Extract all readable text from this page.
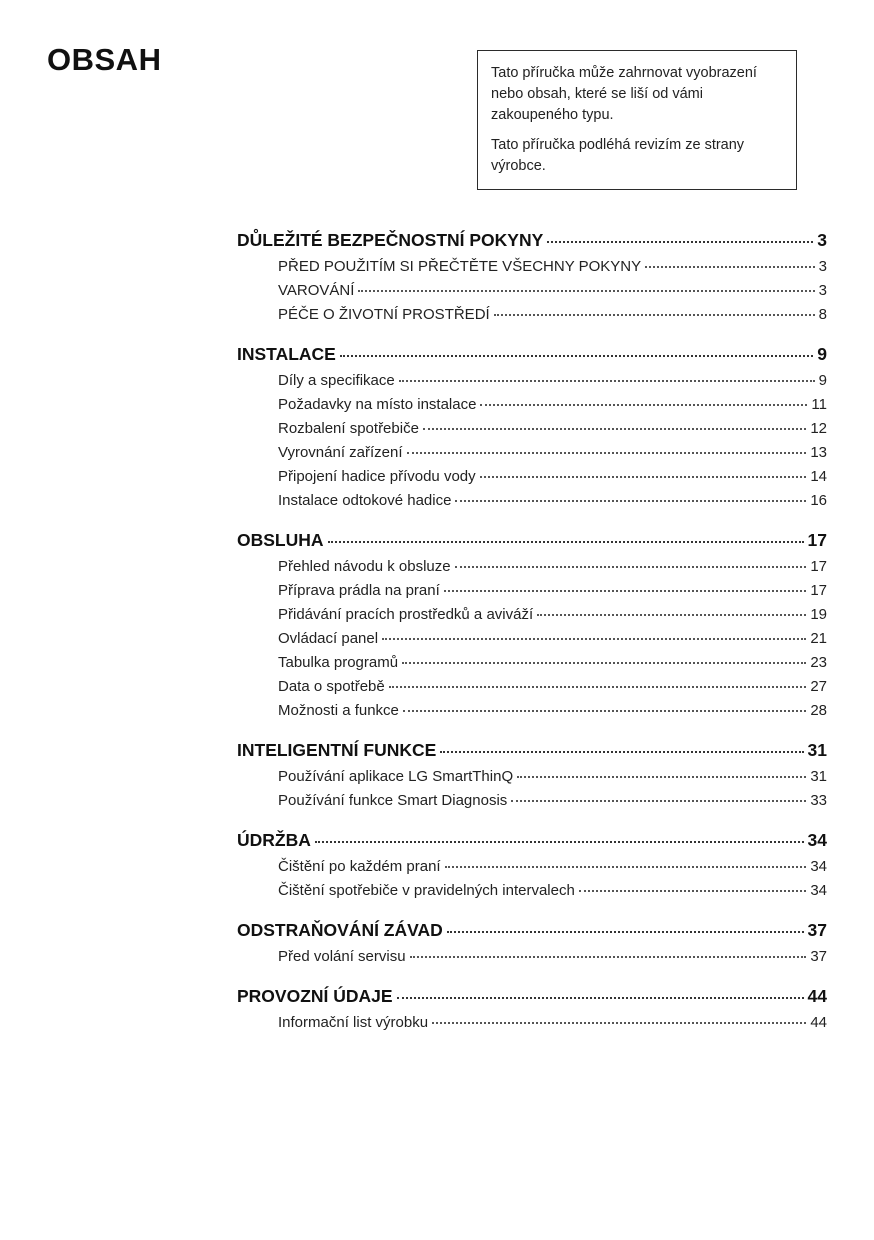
OBSAH	Tato příručka může zahrnovat vyobrazení nebo obsah, které se liší od vámi zakoupeného typu.

Tato příručka podléhá revizím ze strany výrobce.

DŮLEŽITÉ BEZPEČNOSTNÍ POKYNY	3
PŘED POUŽITÍM SI PŘEČTĚTE VŠECHNY POKYNY	3
VAROVÁNÍ	3
PÉČE O ŽIVOTNÍ PROSTŘEDÍ	8
INSTALACE	9
Díly a specifikace	9
Požadavky na místo instalace	11
Rozbalení spotřebiče	12
Vyrovnání zařízení	13
Připojení hadice přívodu vody	14
Instalace odtokové hadice	16
OBSLUHA	17
Přehled návodu k obsluze	17
Příprava prádla na praní	17
Přidávání pracích prostředků a aviváží	19
Ovládací panel	21
Tabulka programů	23
Data o spotřebě	27
Možnosti a funkce	28
INTELIGENTNÍ FUNKCE	31
Používání aplikace LG SmartThinQ	31
Používání funkce Smart Diagnosis	33
ÚDRŽBA	34
Čištění po každém praní	34
Čištění spotřebiče v pravidelných intervalech	34
ODSTRAŇOVÁNÍ ZÁVAD	37
Před volání servisu	37
PROVOZNÍ ÚDAJE	44
Informační list výrobku	44
